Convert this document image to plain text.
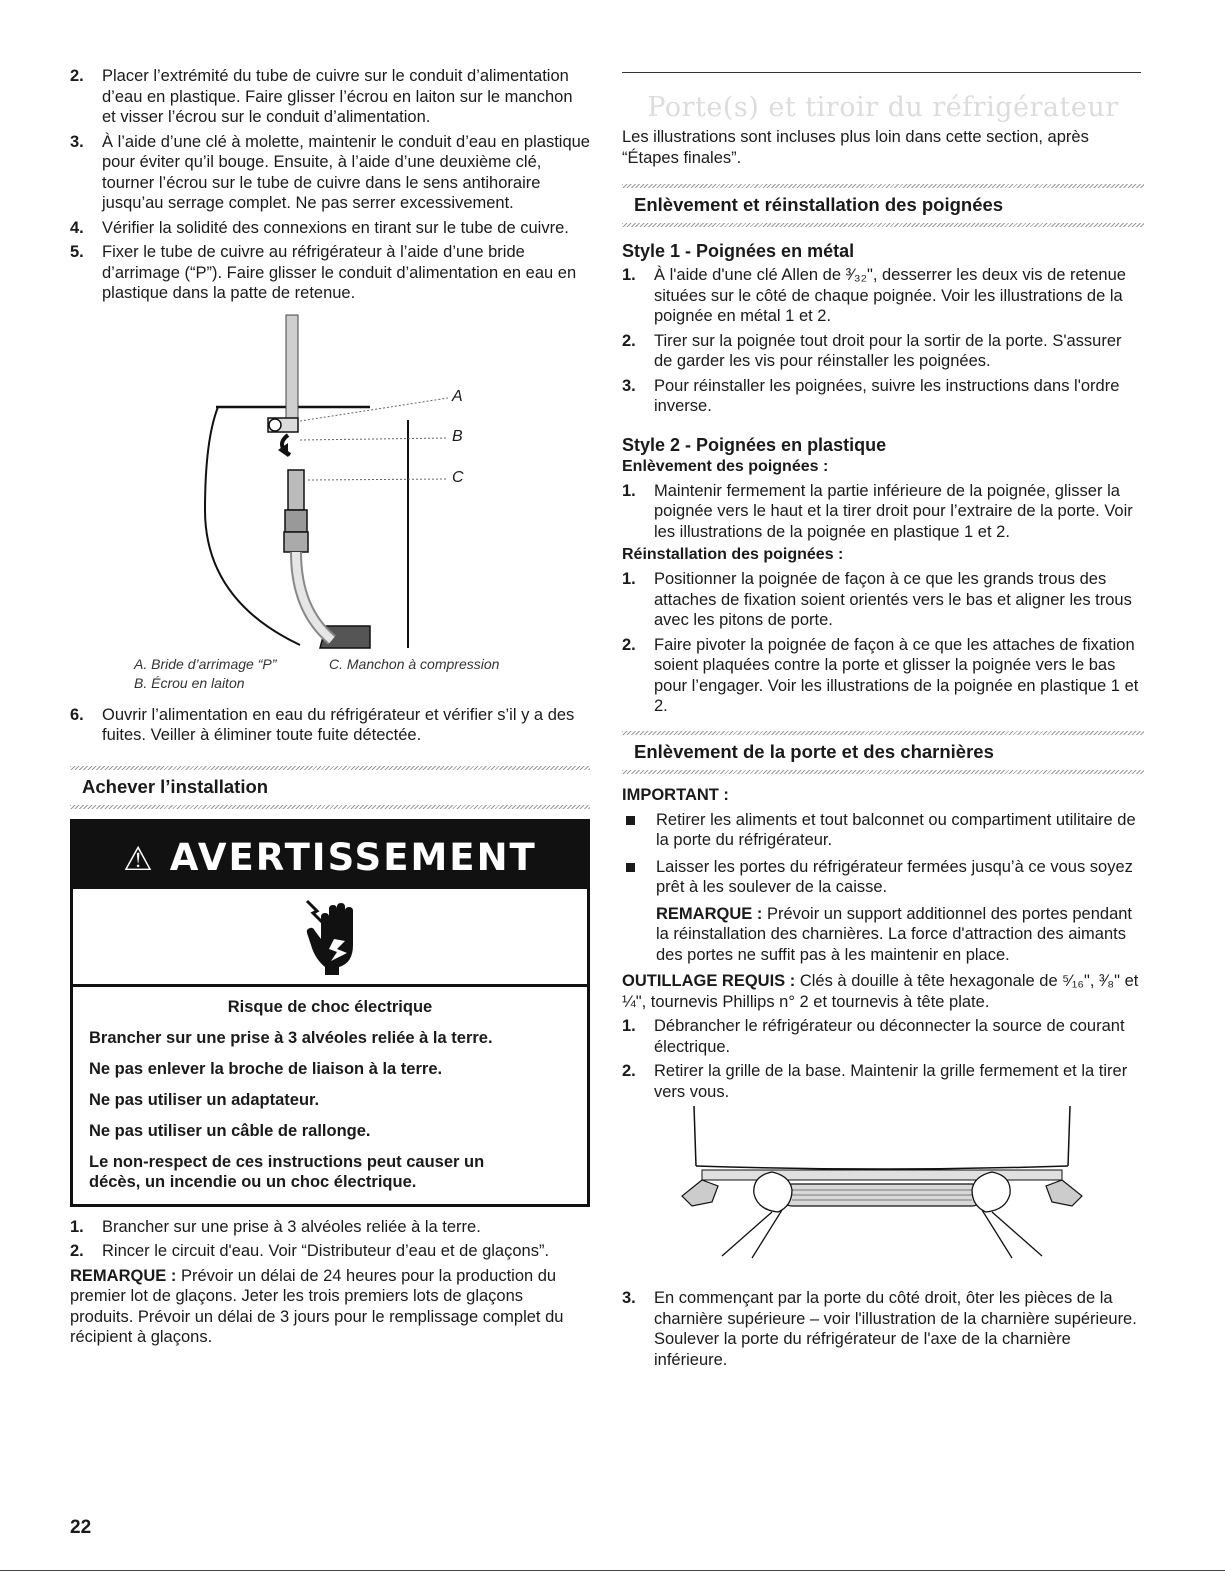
2.	Placer l’extrémité du tube de cuivre sur le conduit d’alimentation d’eau en plastique. Faire glisser l’écrou en laiton sur le manchon et visser l’écrou sur le conduit d’alimentation.
3.	À l’aide d’une clé à molette, maintenir le conduit d’eau en plastique pour éviter qu’il bouge. Ensuite, à l’aide d’une deuxième clé, tourner l’écrou sur le tube de cuivre dans le sens antihoraire jusqu’au serrage complet. Ne pas serrer excessivement.
4.	Vérifier la solidité des connexions en tirant sur le tube de cuivre.
5.	Fixer le tube de cuivre au réfrigérateur à l’aide d’une bride d’arrimage (“P”). Faire glisser le conduit d’alimentation en eau en plastique dans la patte de retenue.
A
B
C
A. Bride d’arrimage “P”
B. Écrou en laiton
C. Manchon à compression
6.	Ouvrir l’alimentation en eau du réfrigérateur et vérifier s’il y a des fuites. Veiller à éliminer toute fuite détectée.
Achever l’installation
⚠ AVERTISSEMENT
Risque de choc électrique
Brancher sur une prise à 3 alvéoles reliée à la terre.
Ne pas enlever la broche de liaison à la terre.
Ne pas utiliser un adaptateur.
Ne pas utiliser un câble de rallonge.
Le non-respect de ces instructions peut causer un décès, un incendie ou un choc électrique.
1.	Brancher sur une prise à 3 alvéoles reliée à la terre.
2.	Rincer le circuit d'eau. Voir “Distributeur d’eau et de glaçons”.

REMARQUE : Prévoir un délai de 24 heures pour la production du premier lot de glaçons. Jeter les trois premiers lots de glaçons produits. Prévoir un délai de 3 jours pour le remplissage complet du récipient à glaçons.

Porte(s) et tiroir du réfrigérateur

Les illustrations sont incluses plus loin dans cette section, après “Étapes finales”.

Enlèvement et réinstallation des poignées
Style 1 - Poignées en métal
1.	À l'aide d'une clé Allen de ³⁄₃₂", desserrer les deux vis de retenue situées sur le côté de chaque poignée. Voir les illustrations de la poignée en métal 1 et 2.
2.	Tirer sur la poignée tout droit pour la sortir de la porte. S'assurer de garder les vis pour réinstaller les poignées.
3.	Pour réinstaller les poignées, suivre les instructions dans l'ordre inverse.
Style 2 - Poignées en plastique
Enlèvement des poignées :
1.	Maintenir fermement la partie inférieure de la poignée, glisser la poignée vers le haut et la tirer droit pour l’extraire de la porte. Voir les illustrations de la poignée en plastique 1 et 2.
Réinstallation des poignées :
1.	Positionner la poignée de façon à ce que les grands trous des attaches de fixation soient orientés vers le bas et aligner les trous avec les pitons de porte.
2.	Faire pivoter la poignée de façon à ce que les attaches de fixation soient plaquées contre la porte et glisser la poignée vers le bas pour l’engager. Voir les illustrations de la poignée en plastique 1 et 2.
Enlèvement de la porte et des charnières
IMPORTANT :
Retirer les aliments et tout balconnet ou compartiment utilitaire de la porte du réfrigérateur.
Laisser les portes du réfrigérateur fermées jusqu’à ce vous soyez prêt à les soulever de la caisse.

REMARQUE : Prévoir un support additionnel des portes pendant la réinstallation des charnières. La force d'attraction des aimants des portes ne suffit pas à les maintenir en place.

OUTILLAGE REQUIS : Clés à douille à tête hexagonale de ⁵⁄₁₆", ³⁄₈" et ¼", tournevis Phillips n° 2 et tournevis à tête plate.

1.	Débrancher le réfrigérateur ou déconnecter la source de courant électrique.
2.	Retirer la grille de la base. Maintenir la grille fermement et la tirer vers vous.
3.	En commençant par la porte du côté droit, ôter les pièces de la charnière supérieure – voir l'illustration de la charnière supérieure. Soulever la porte du réfrigérateur de l'axe de la charnière inférieure.
22
